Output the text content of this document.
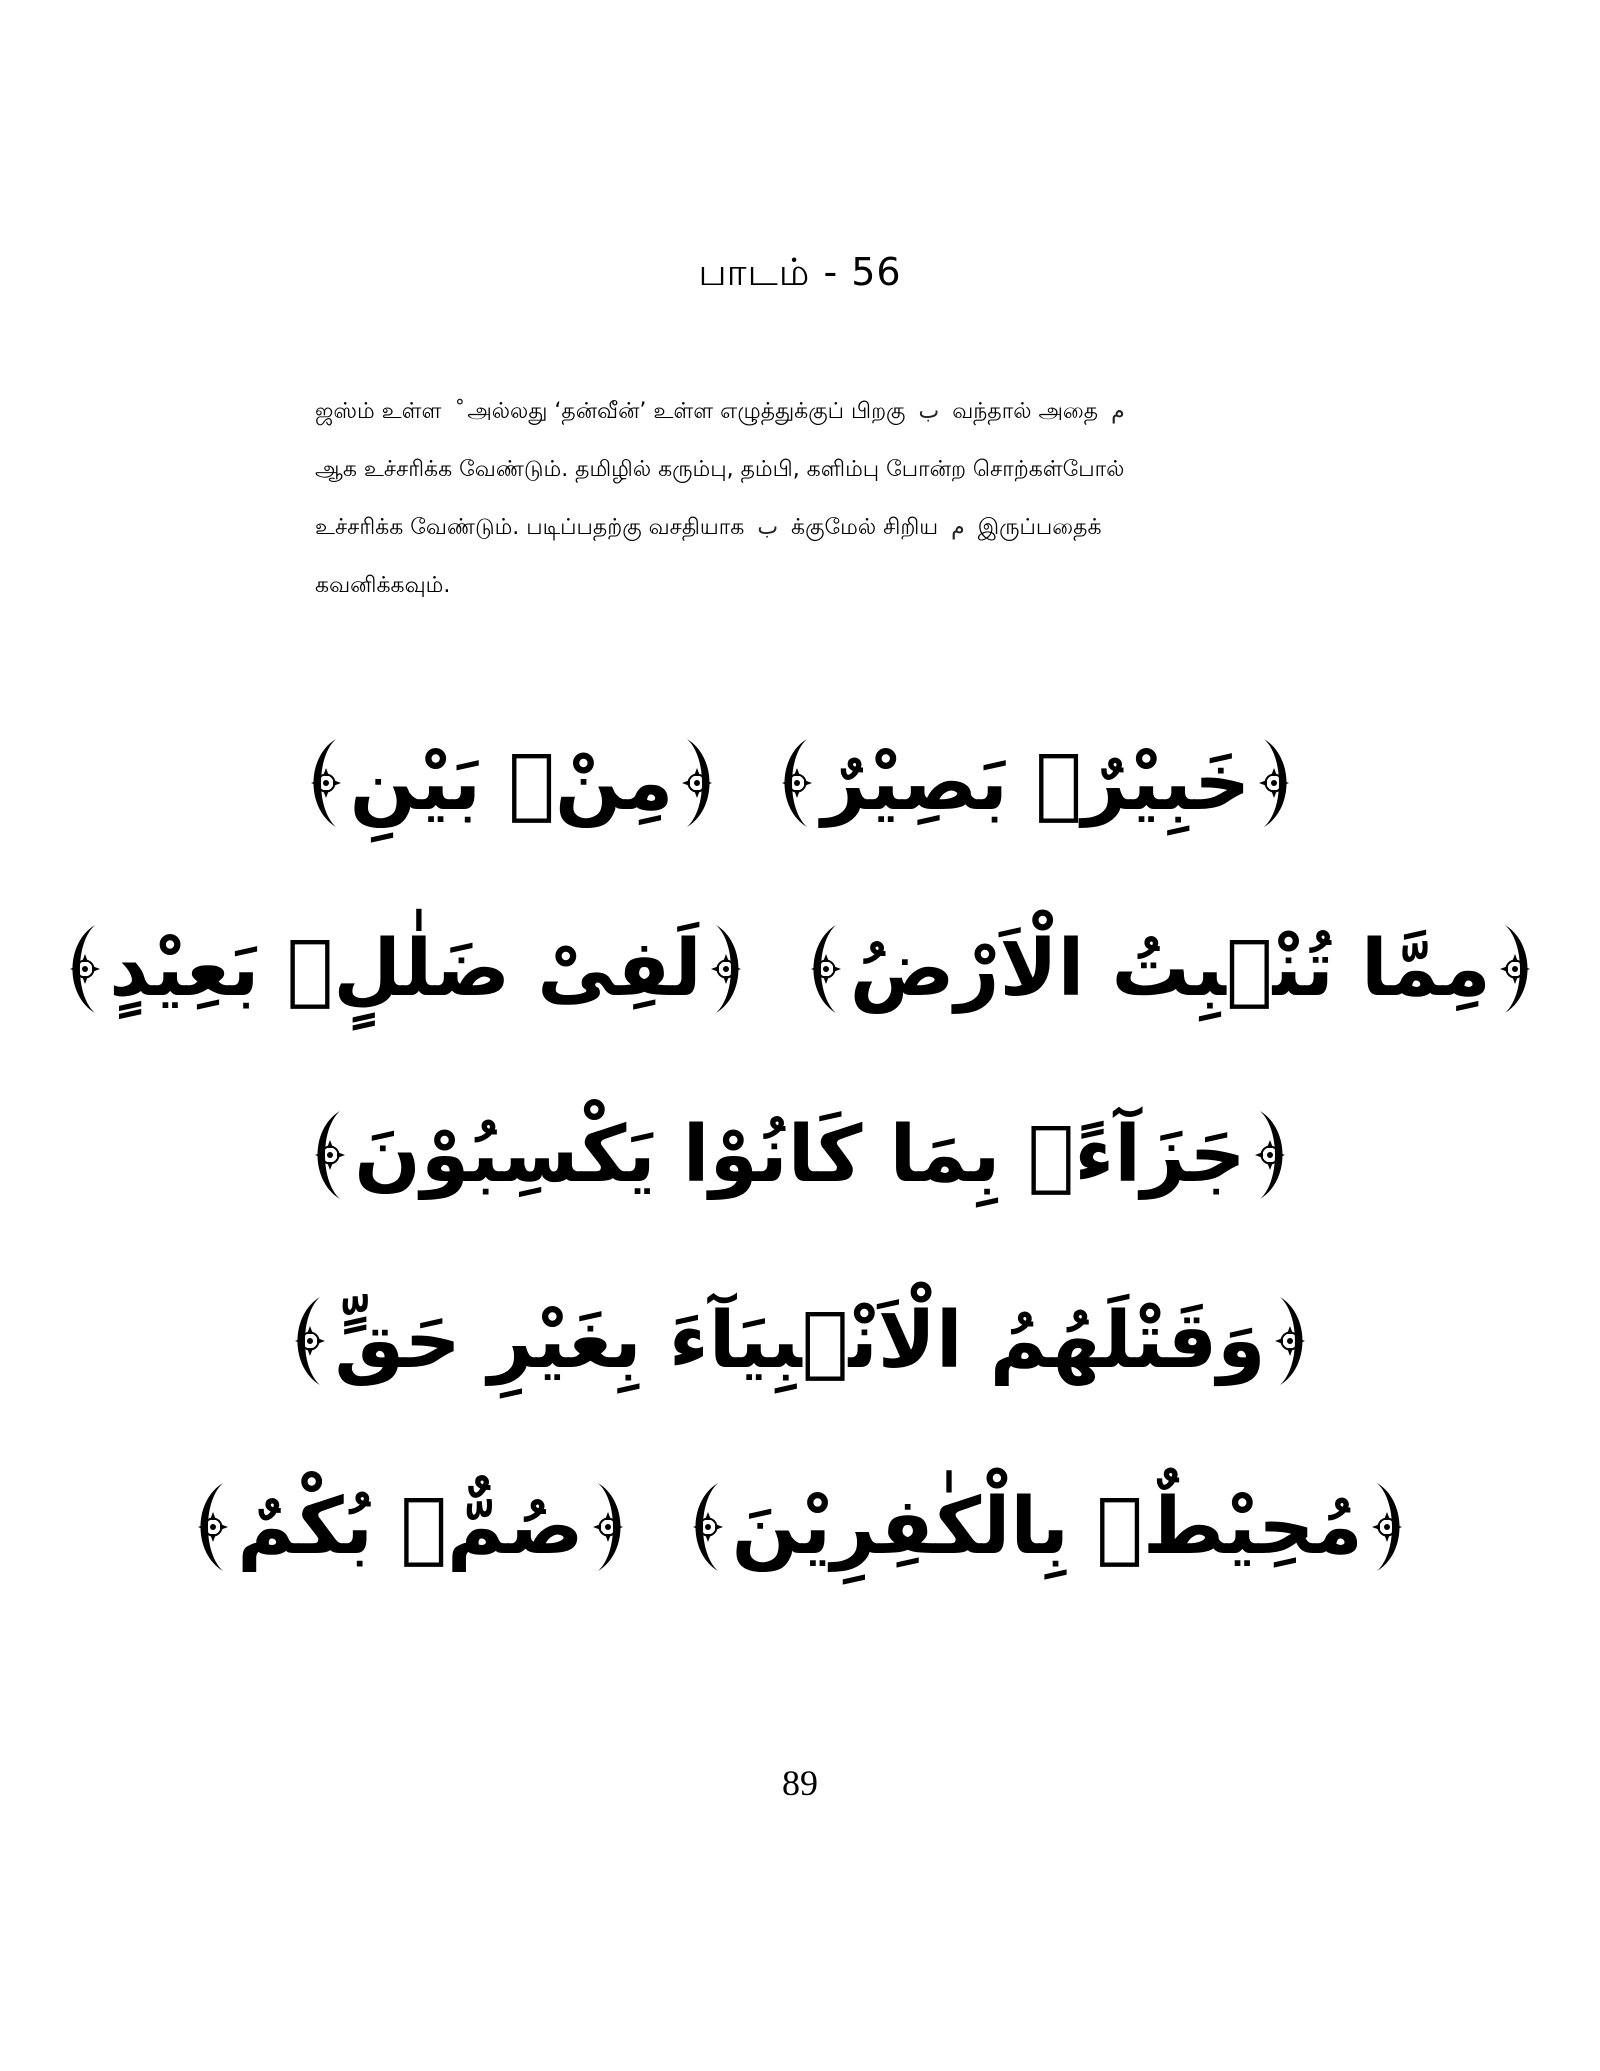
பாடம் - 56
ஜஸ்ம் உள்ள அல்லது ‘தன்வீன்’ உள்ள எழுத்துக்குப் பிறகு ب வந்தால் அதை م
ஆக உச்சரிக்க வேண்டும். தமிழில் கரும்பு, தம்பி, களிம்பு போன்ற சொற்கள்போல்
உச்சரிக்க வேண்டும். படிப்பதற்கு வசதியாக ب க்குமேல் சிறிய م இருப்பதைக்
கவனிக்கவும்.
مِنْۢ بَيْنِ خَبِيْرٌۢ بَصِيْرٌ
لَفِىْ ضَلٰلٍۢ بَعِيْدٍ مِمَّا تُنْۢبِتُ الْاَرْضُ
جَزَآءًۢ بِمَا كَانُوْا يَكْسِبُوْنَ
وَقَتْلَهُمُ الْاَنْۢبِيَآءَ بِغَيْرِ حَقٍّ
صُمٌّۢ بُكْمٌ مُحِيْطٌۢ بِالْكٰفِرِيْنَ
89
